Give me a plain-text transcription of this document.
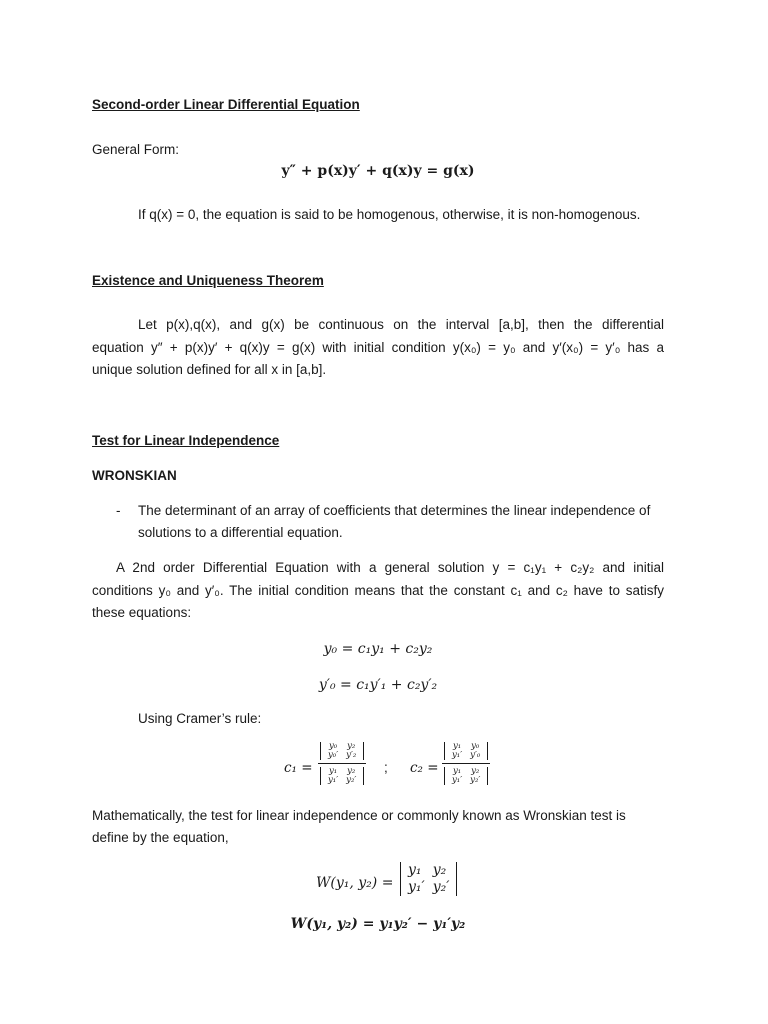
Second-order Linear Differential Equation
General Form:
y″ + p(x)y′ + q(x)y = g(x)
If q(x) = 0, the equation is said to be homogenous, otherwise, it is non-homogenous.
Existence and Uniqueness Theorem
Let p(x),q(x), and g(x) be continuous on the interval [a,b], then the differential
equation y″ + p(x)y′ + q(x)y = g(x) with initial condition y(x₀) = y₀ and y′(x₀) = y′₀ has a
unique solution defined for all x in [a,b].
Test for Linear Independence
WRONSKIAN
- The determinant of an array of coefficients that determines the linear independence of solutions to a differential equation.
A 2nd order Differential Equation with a general solution y = c₁y₁ + c₂y₂ and initial
conditions y₀ and y′₀. The initial condition means that the constant c₁ and c₂ have to satisfy
these equations:
y₀ = c₁y₁ + c₂y₂
y′₀ = c₁y′₁ + c₂y′₂
Using Cramer’s rule:
c₁ =
y₀	y₂
y₀′	y′₂
y₁	y₂
y₁′	y₂′
; c₂ =
y₁	y₀
y₁′	y′₀
y₁	y₂
y₁′	y₂′
Mathematically, the test for linear independence or commonly known as Wronskian test is
define by the equation,
W(y₁, y₂) =
y₁	y₂
y₁′	y₂′
W(y₁, y₂) = y₁y₂′ − y₁′y₂
